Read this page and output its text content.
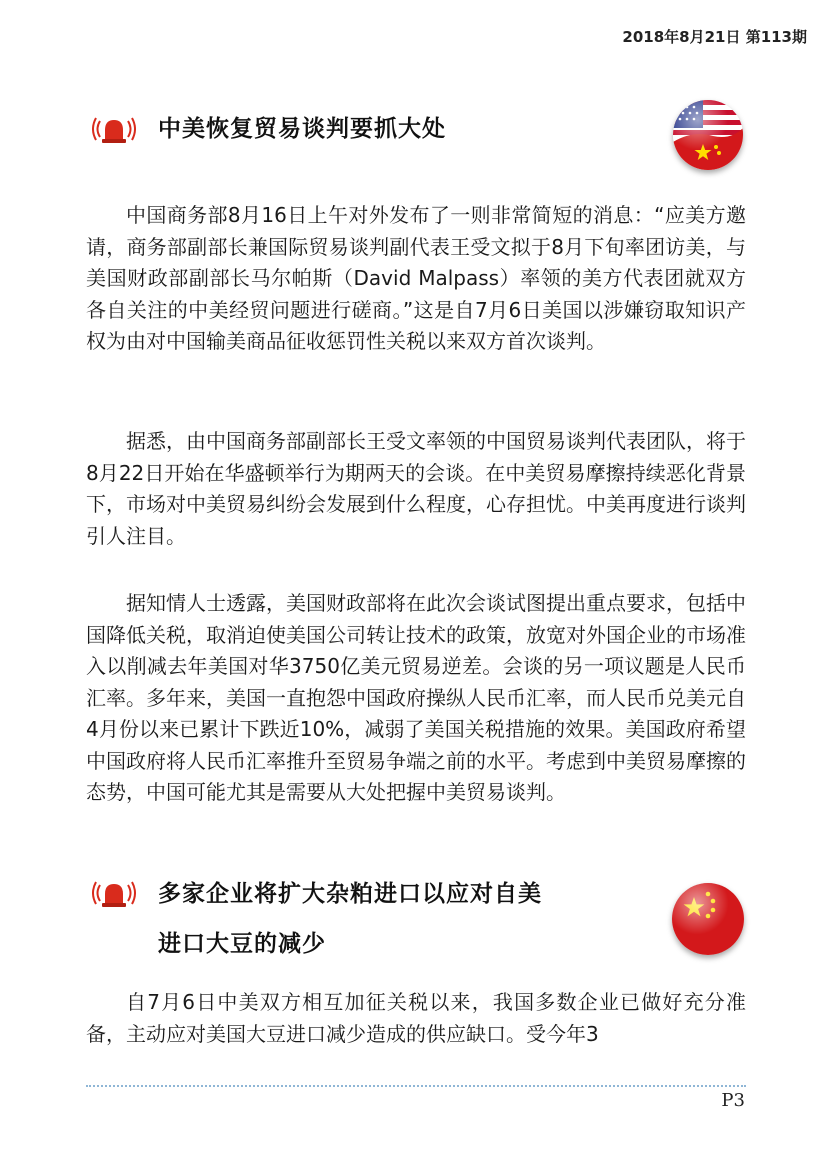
2018年8月21日 第113期
中美恢复贸易谈判要抓大处

中国商务部8月16日上午对外发布了一则非常简短的消息：“应美方邀请，商务部副部长兼国际贸易谈判副代表王受文拟于8月下旬率团访美，与美国财政部副部长马尔帕斯（David Malpass）率领的美方代表团就双方各自关注的中美经贸问题进行磋商。”这是自7月6日美国以涉嫌窃取知识产权为由对中国输美商品征收惩罚性关税以来双方首次谈判。

据悉，由中国商务部副部长王受文率领的中国贸易谈判代表团队，将于8月22日开始在华盛顿举行为期两天的会谈。在中美贸易摩擦持续恶化背景下，市场对中美贸易纠纷会发展到什么程度，心存担忧。中美再度进行谈判引人注目。

据知情人士透露，美国财政部将在此次会谈试图提出重点要求，包括中国降低关税，取消迫使美国公司转让技术的政策，放宽对外国企业的市场准入以削减去年美国对华3750亿美元贸易逆差。会谈的另一项议题是人民币汇率。多年来，美国一直抱怨中国政府操纵人民币汇率，而人民币兑美元自4月份以来已累计下跌近10%，减弱了美国关税措施的效果。美国政府希望中国政府将人民币汇率推升至贸易争端之前的水平。考虑到中美贸易摩擦的态势，中国可能尤其是需要从大处把握中美贸易谈判。

多家企业将扩大杂粕进口以应对自美
进口大豆的减少

自7月6日中美双方相互加征关税以来，我国多数企业已做好充分准备，主动应对美国大豆进口减少造成的供应缺口。受今年3

P3
